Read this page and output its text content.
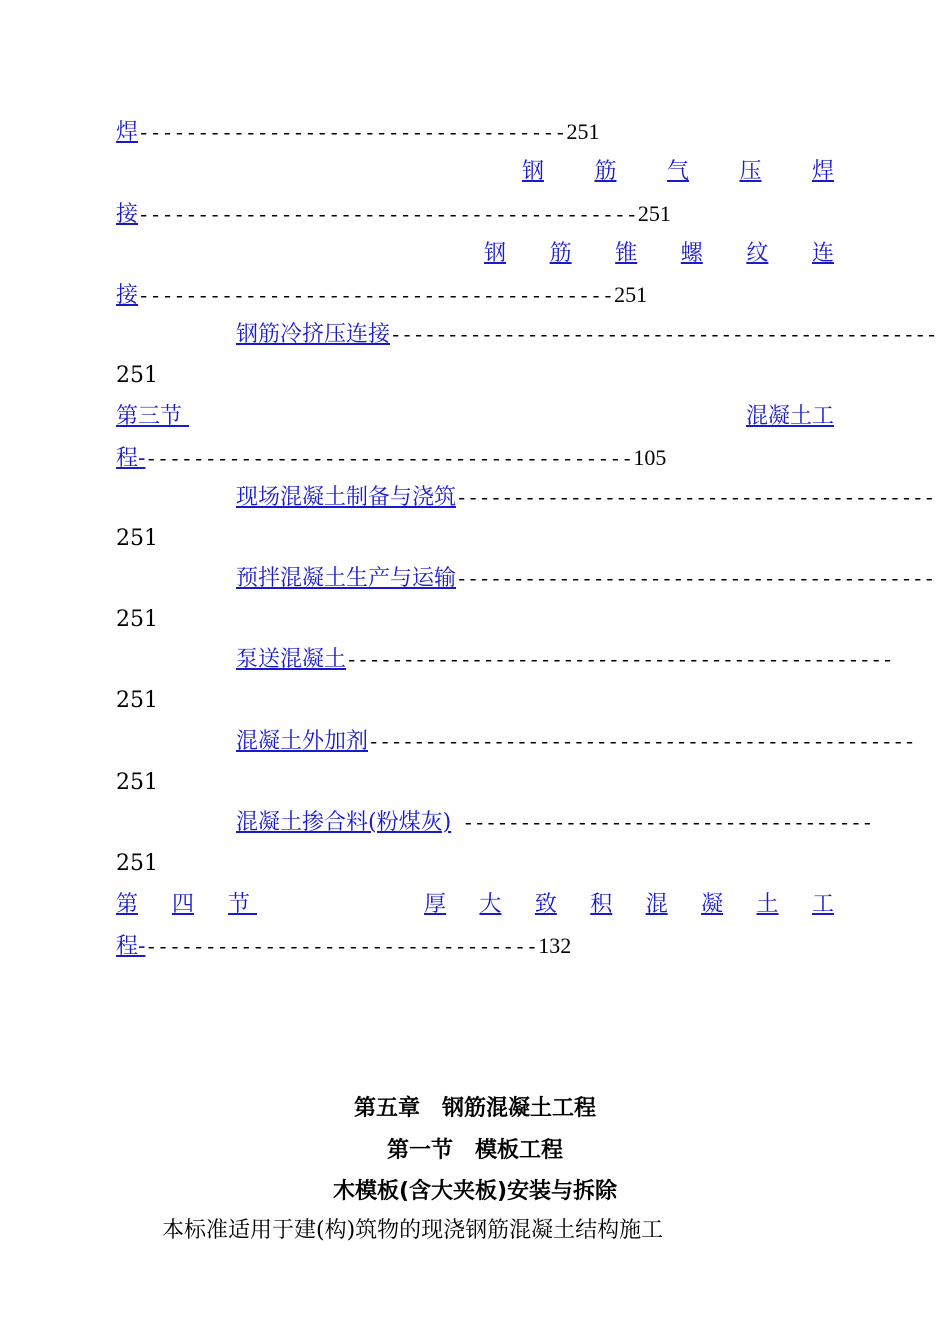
焊------------------------------------251
钢 筋 气 压 焊
接------------------------------------------251
钢 筋 锥 螺 纹 连
接----------------------------------------251
钢筋冷挤压连接 ------------------------------------------------
251
第 三 节
	混 凝 土 工
程------------------------------------------105
现场混凝土制备与浇筑 ------------------------------------------
251
预拌混凝土生产与运输 ------------------------------------------
251
泵送混凝土 ------------------------------------------------
251
混凝土外加剂 ------------------------------------------------
251
混凝土掺合料(粉煤灰) ------------------------------------
251
第 四 节
	厚 大 致 积 混 凝 土 工
程----------------------------------132
第五章　钢筋混凝土工程
第一节　模板工程
木模板(含大夹板)安装与拆除
本标准适用于建(构)筑物的现浇钢筋混凝土结构施工
